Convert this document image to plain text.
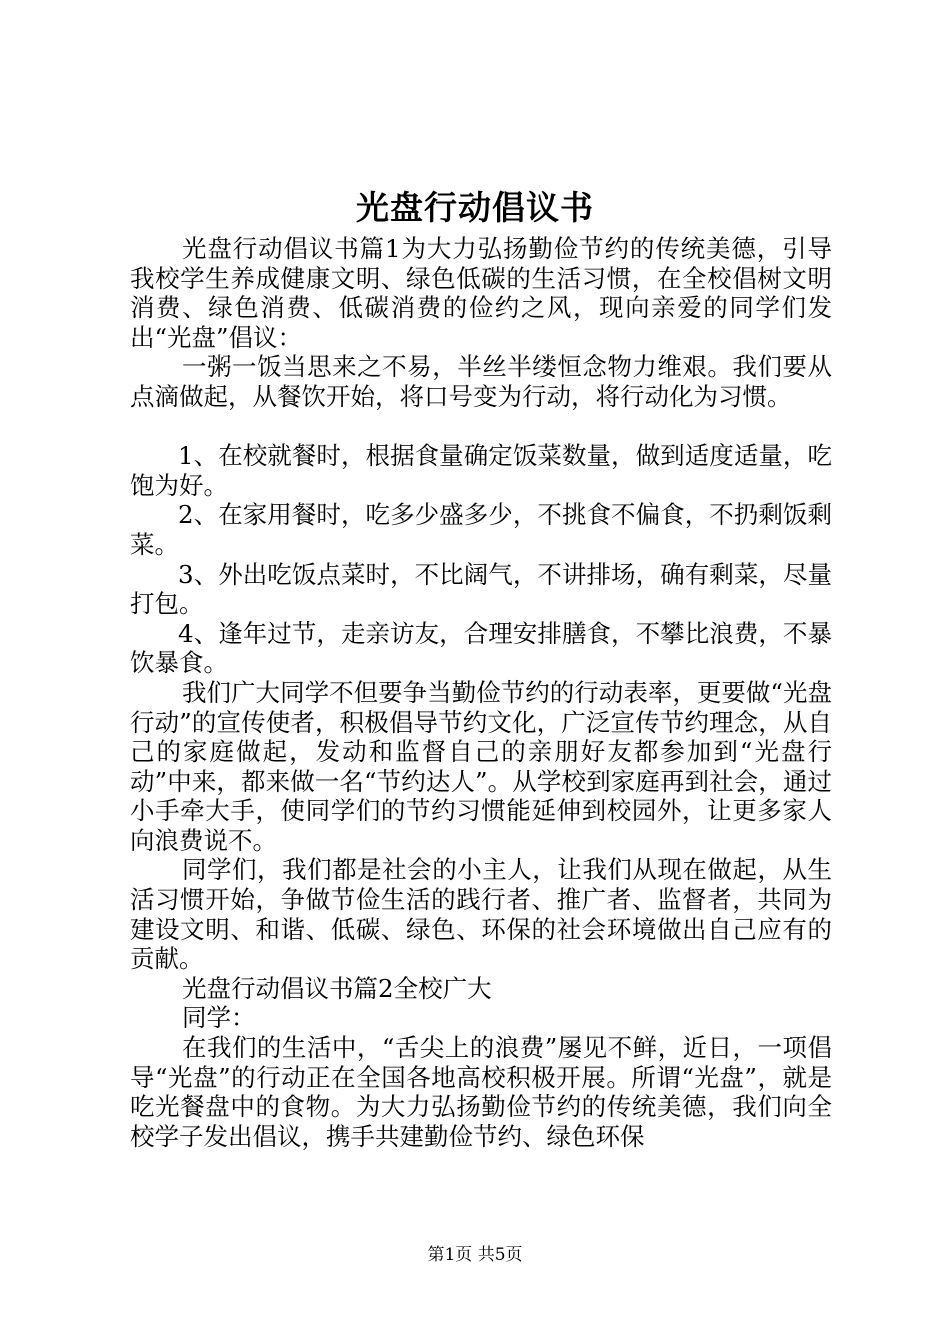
光盘行动倡议书

光盘行动倡议书篇1为大力弘扬勤俭节约的传统美德，引导我校学生养成健康文明、绿色低碳的生活习惯，在全校倡树文明消费、绿色消费、低碳消费的俭约之风，现向亲爱的同学们发出“光盘”倡议：

一粥一饭当思来之不易，半丝半缕恒念物力维艰。我们要从点滴做起，从餐饮开始，将口号变为行动，将行动化为习惯。

1、在校就餐时，根据食量确定饭菜数量，做到适度适量，吃饱为好。

2、在家用餐时，吃多少盛多少，不挑食不偏食，不扔剩饭剩菜。

3、外出吃饭点菜时，不比阔气，不讲排场，确有剩菜，尽量打包。

4、逢年过节，走亲访友，合理安排膳食，不攀比浪费，不暴饮暴食。

我们广大同学不但要争当勤俭节约的行动表率，更要做“光盘行动”的宣传使者，积极倡导节约文化，广泛宣传节约理念，从自己的家庭做起，发动和监督自己的亲朋好友都参加到“光盘行动”中来，都来做一名“节约达人”。从学校到家庭再到社会，通过小手牵大手，使同学们的节约习惯能延伸到校园外，让更多家人向浪费说不。

同学们，我们都是社会的小主人，让我们从现在做起，从生活习惯开始，争做节俭生活的践行者、推广者、监督者，共同为建设文明、和谐、低碳、绿色、环保的社会环境做出自己应有的贡献。

光盘行动倡议书篇2全校广大

同学：

在我们的生活中，“舌尖上的浪费”屡见不鲜，近日，一项倡导“光盘”的行动正在全国各地高校积极开展。所谓“光盘”，就是吃光餐盘中的食物。为大力弘扬勤俭节约的传统美德，我们向全校学子发出倡议，携手共建勤俭节约、绿色环保

第1页 共5页
